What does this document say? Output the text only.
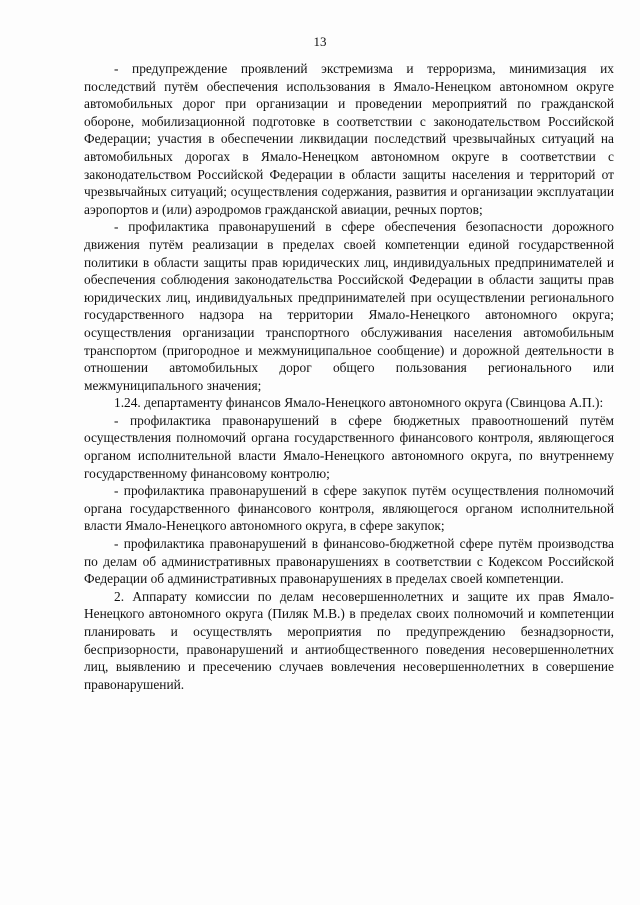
13

- предупреждение проявлений экстремизма и терроризма, минимизация их последствий путём обеспечения использования в Ямало-Ненецком автономном округе автомобильных дорог при организации и проведении мероприятий по гражданской обороне, мобилизационной подготовке в соответствии с законодательством Российской Федерации; участия в обеспечении ликвидации последствий чрезвычайных ситуаций на автомобильных дорогах в Ямало-Ненецком автономном округе в соответствии с законодательством Российской Федерации в области защиты населения и территорий от чрезвычайных ситуаций; осуществления содержания, развития и организации эксплуатации аэропортов и (или) аэродромов гражданской авиации, речных портов;

- профилактика правонарушений в сфере обеспечения безопасности дорожного движения путём реализации в пределах своей компетенции единой государственной политики в области защиты прав юридических лиц, индивидуальных предпринимателей и обеспечения соблюдения законодательства Российской Федерации в области защиты прав юридических лиц, индивидуальных предпринимателей при осуществлении регионального государственного надзора на территории Ямало-Ненецкого автономного округа; осуществления организации транспортного обслуживания населения автомобильным транспортом (пригородное и межмуниципальное сообщение) и дорожной деятельности в отношении автомобильных дорог общего пользования регионального или межмуниципального значения;

1.24. департаменту финансов Ямало-Ненецкого автономного округа (Свинцова А.П.):

- профилактика правонарушений в сфере бюджетных правоотношений путём осуществления полномочий органа государственного финансового контроля, являющегося органом исполнительной власти Ямало-Ненецкого автономного округа, по внутреннему государственному финансовому контролю;

- профилактика правонарушений в сфере закупок путём осуществления полномочий органа государственного финансового контроля, являющегося органом исполнительной власти Ямало-Ненецкого автономного округа, в сфере закупок;

- профилактика правонарушений в финансово-бюджетной сфере путём производства по делам об административных правонарушениях в соответствии с Кодексом Российской Федерации об административных правонарушениях в пределах своей компетенции.

2. Аппарату комиссии по делам несовершеннолетних и защите их прав Ямало-Ненецкого автономного округа (Пиляк М.В.) в пределах своих полномочий и компетенции планировать и осуществлять мероприятия по предупреждению безнадзорности, беспризорности, правонарушений и антиобщественного поведения несовершеннолетних лиц, выявлению и пресечению случаев вовлечения несовершеннолетних в совершение правонарушений.
